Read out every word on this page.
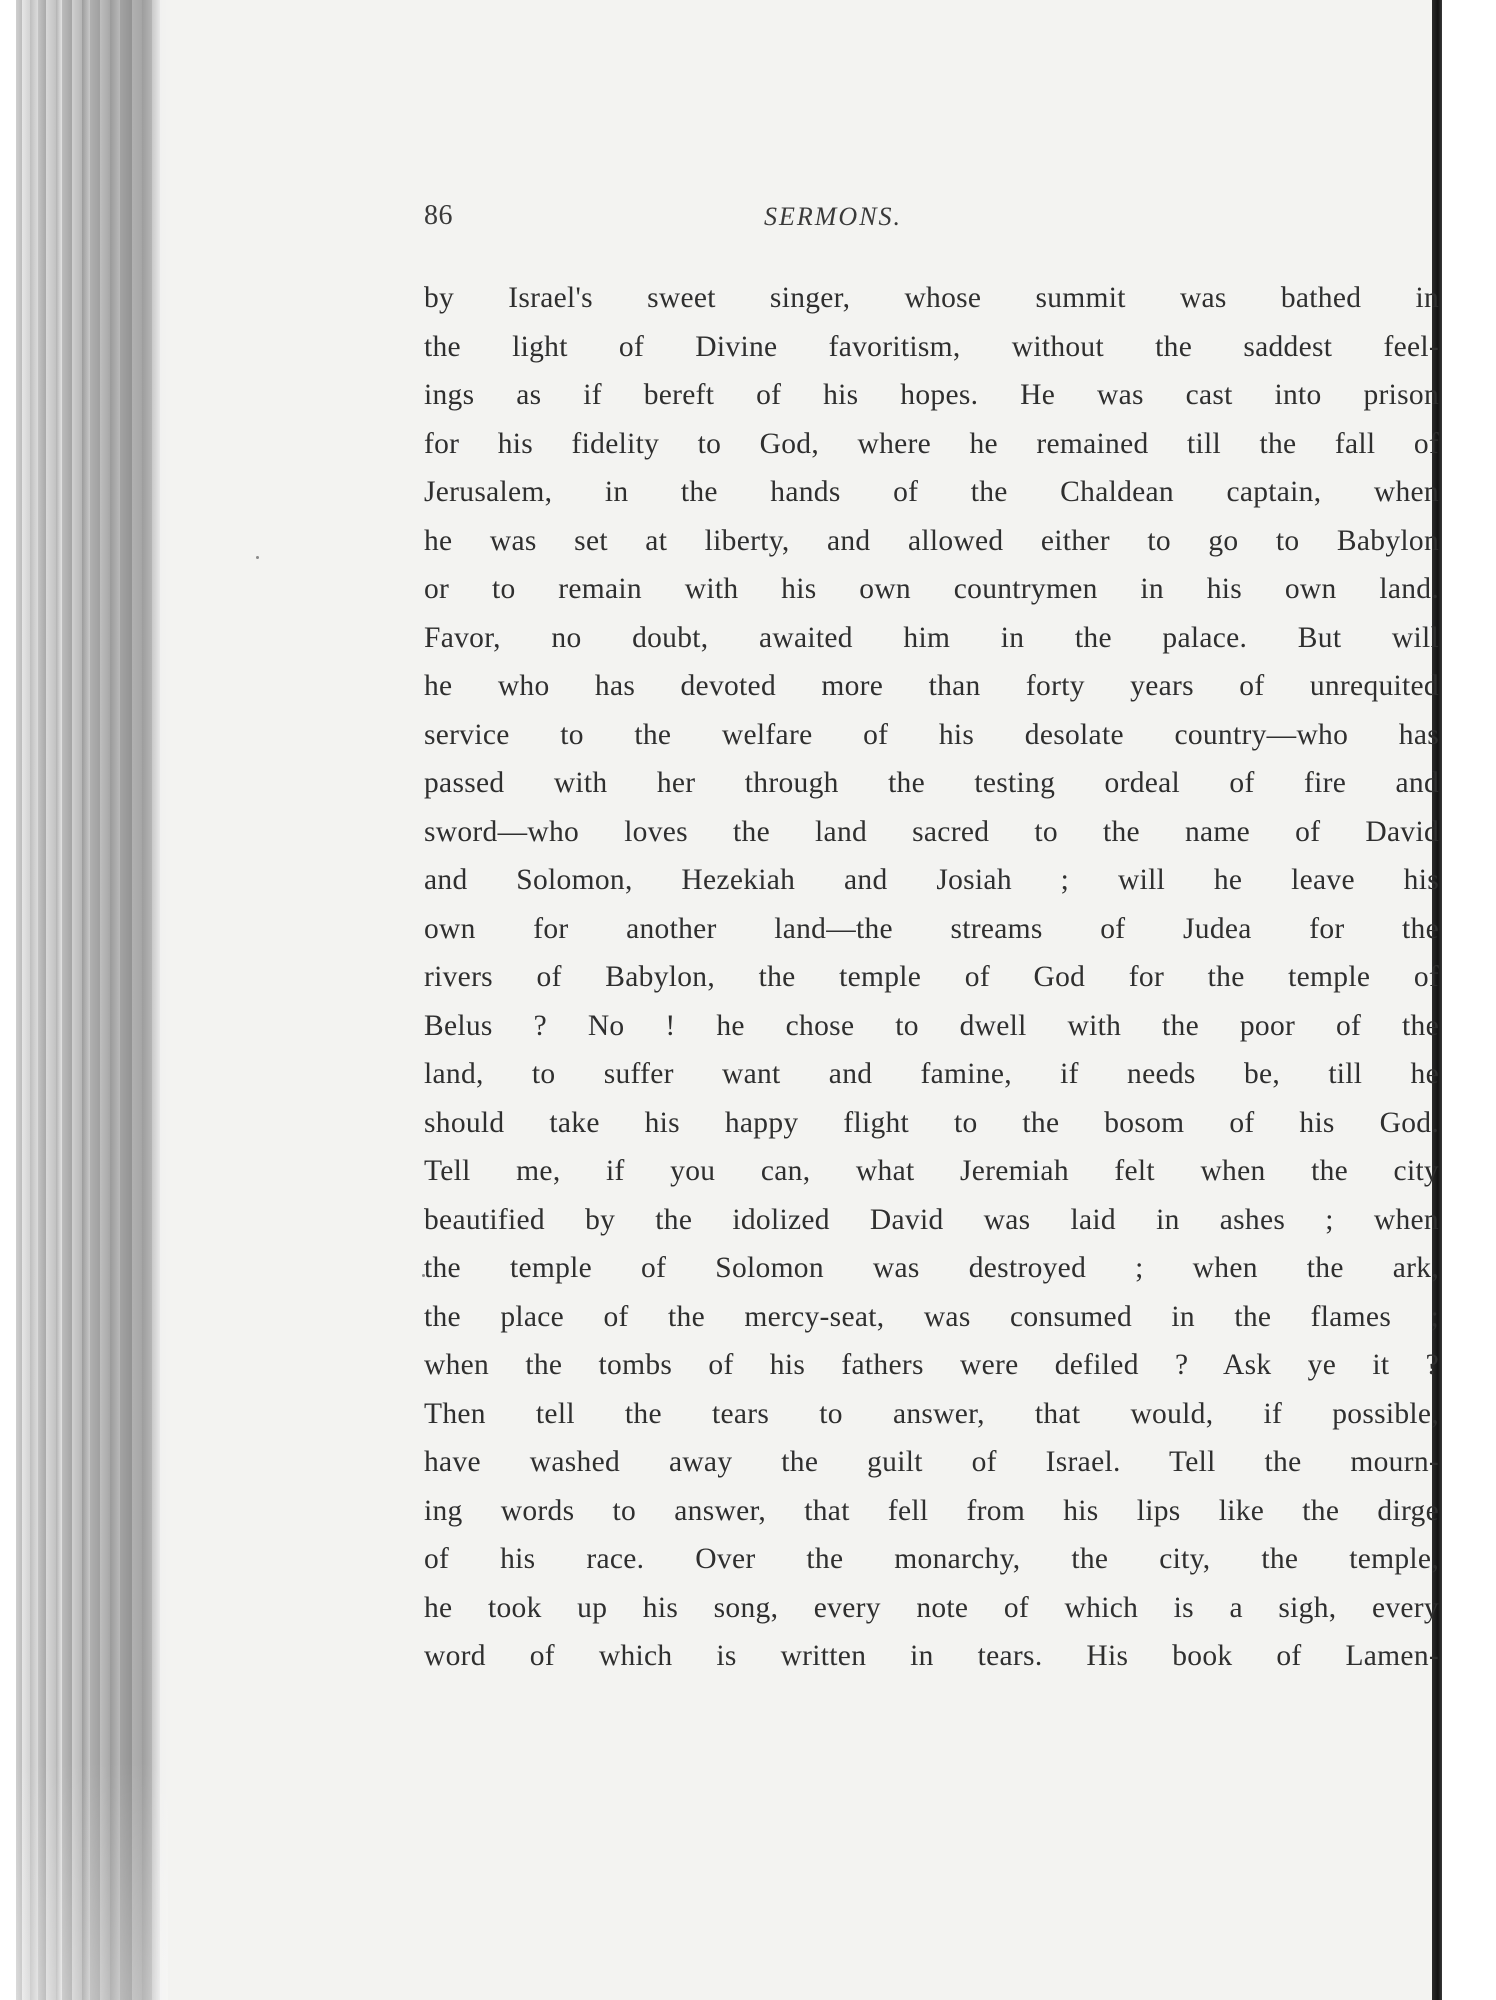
86	SERMONS.
by Israel's sweet singer, whose summit was bathed in
the light of Divine favoritism, without the saddest feel-
ings as if bereft of his hopes. He was cast into prison
for his fidelity to God, where he remained till the fall of
Jerusalem, in the hands of the Chaldean captain, when
he was set at liberty, and allowed either to go to Babylon
or to remain with his own countrymen in his own land.
Favor, no doubt, awaited him in the palace. But will
he who has devoted more than forty years of unrequited
service to the welfare of his desolate country—who has
passed with her through the testing ordeal of fire and
sword—who loves the land sacred to the name of David
and Solomon, Hezekiah and Josiah ; will he leave his
own for another land—the streams of Judea for the
rivers of Babylon, the temple of God for the temple of
Belus ? No ! he chose to dwell with the poor of the
land, to suffer want and famine, if needs be, till he
should take his happy flight to the bosom of his God.
Tell me, if you can, what Jeremiah felt when the city
beautified by the idolized David was laid in ashes ; when
the temple of Solomon was destroyed ; when the ark,
the place of the mercy-seat, was consumed in the flames ;
when the tombs of his fathers were defiled ? Ask ye it ?
Then tell the tears to answer, that would, if possible,
have washed away the guilt of Israel. Tell the mourn-
ing words to answer, that fell from his lips like the dirge
of his race. Over the monarchy, the city, the temple,
he took up his song, every note of which is a sigh, every
word of which is written in tears. His book of Lamen-
